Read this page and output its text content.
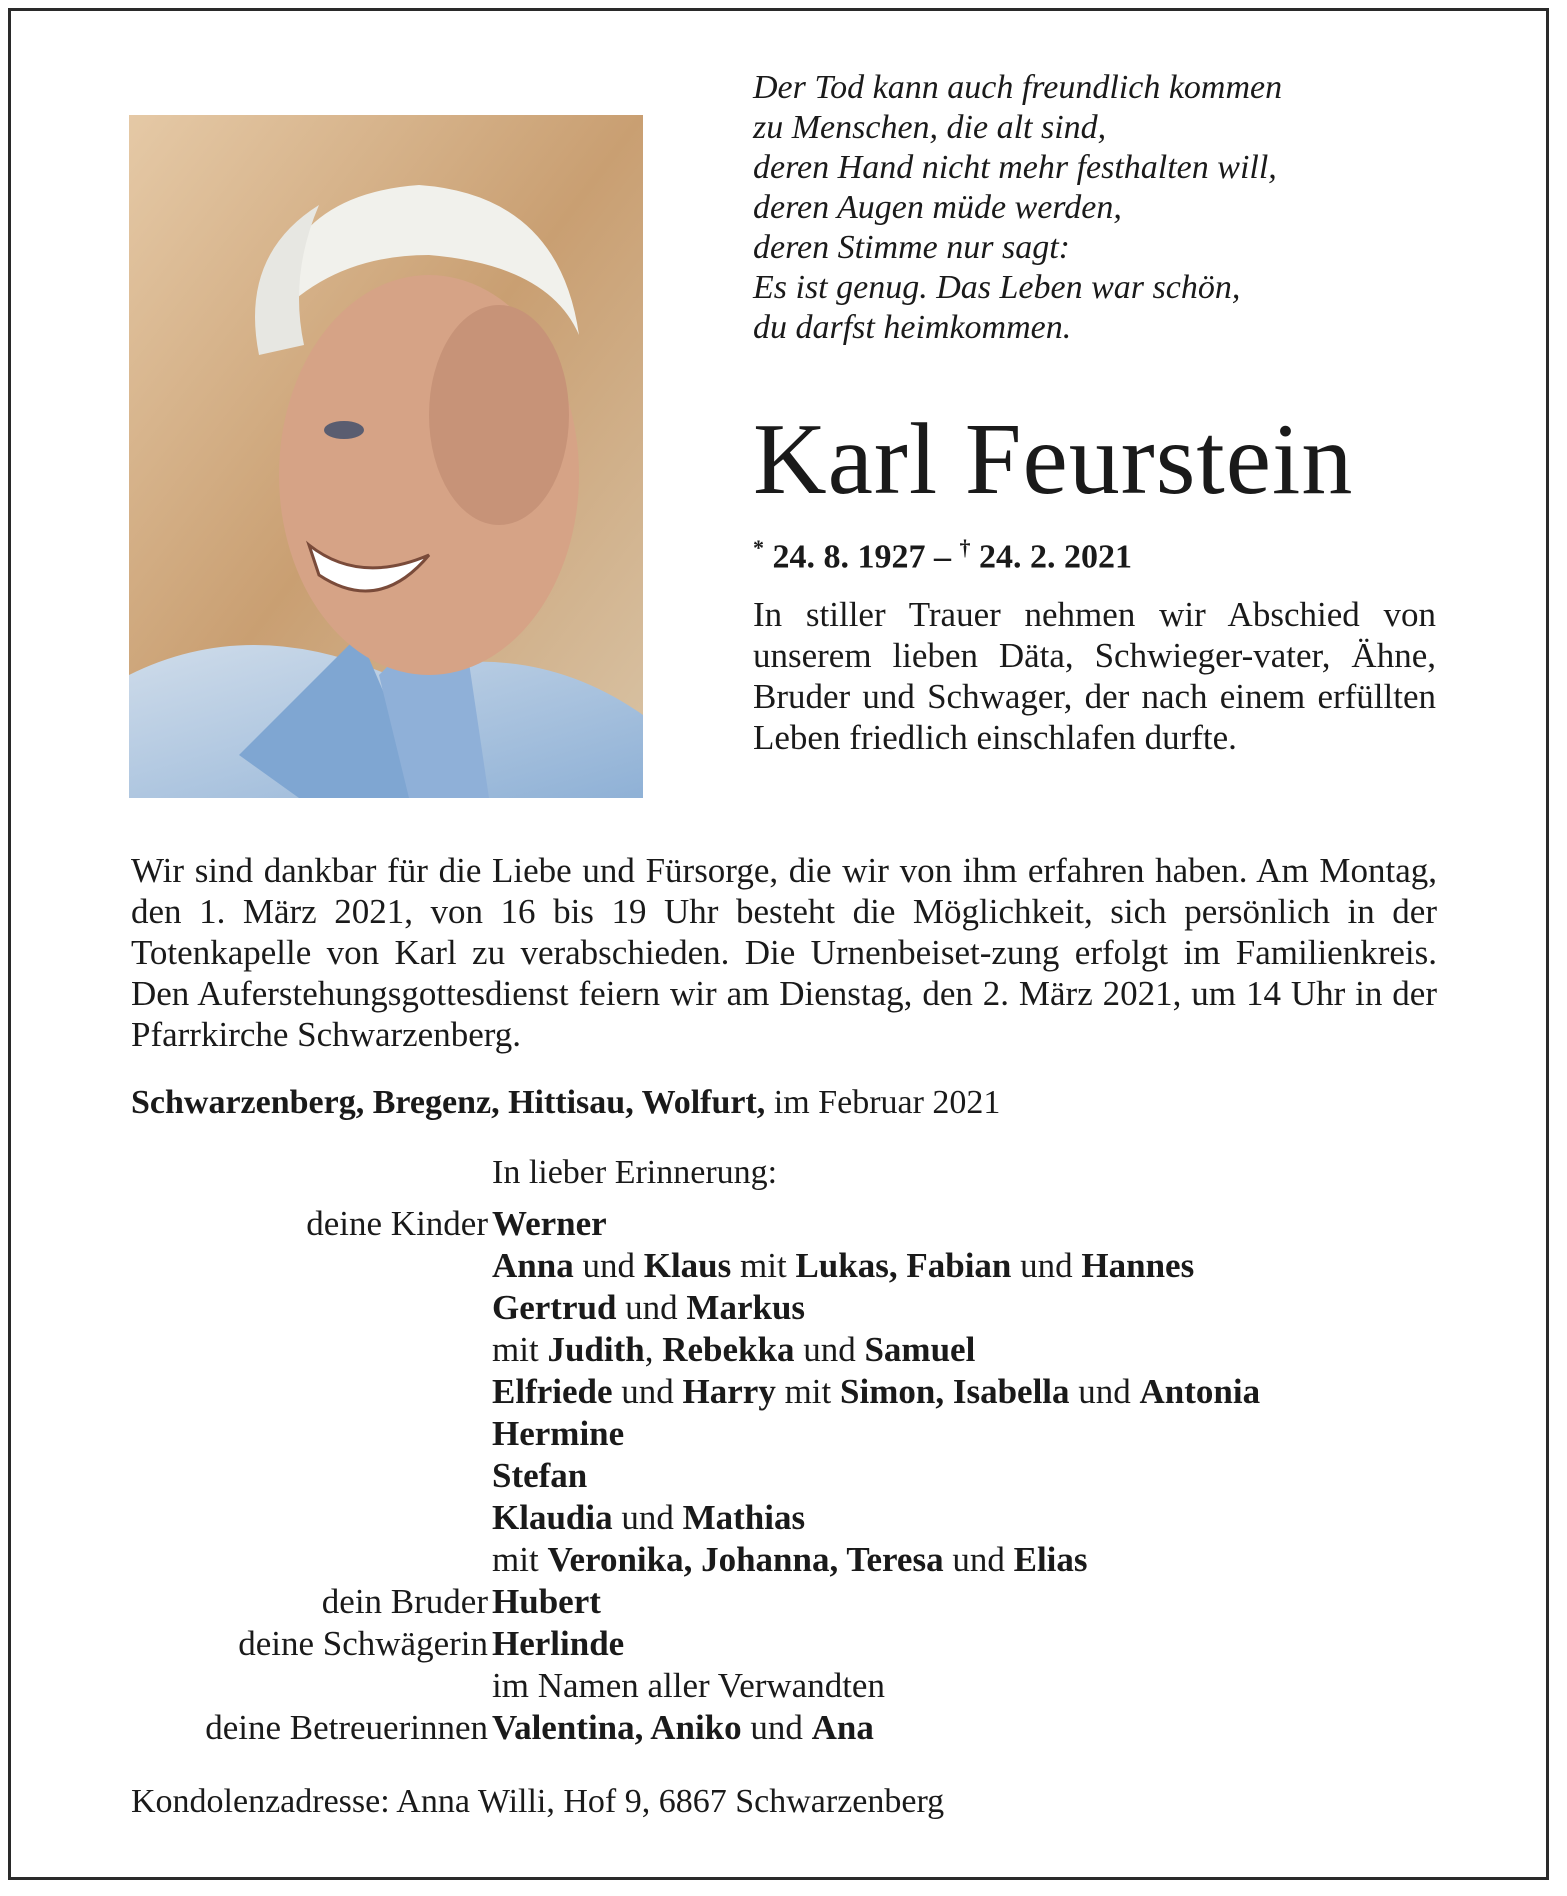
Der Tod kann auch freundlich kommen
zu Menschen, die alt sind,
deren Hand nicht mehr festhalten will,
deren Augen müde werden,
deren Stimme nur sagt:
Es ist genug. Das Leben war schön,
du darfst heimkommen.
Karl Feurstein
* 24. 8. 1927 – † 24. 2. 2021
In stiller Trauer nehmen wir Abschied von unserem lieben Däta, Schwieger-vater, Ähne, Bruder und Schwager, der nach einem erfüllten Leben friedlich einschlafen durfte.
Wir sind dankbar für die Liebe und Fürsorge, die wir von ihm erfahren haben. Am Montag, den 1. März 2021, von 16 bis 19 Uhr besteht die Möglichkeit, sich persönlich in der Totenkapelle von Karl zu verabschieden. Die Urnenbeiset-zung erfolgt im Familienkreis. Den Auferstehungsgottesdienst feiern wir am Dienstag, den 2. März 2021, um 14 Uhr in der Pfarrkirche Schwarzenberg.
Schwarzenberg, Bregenz, Hittisau, Wolfurt, im Februar 2021
In lieber Erinnerung:
deine Kinder Werner
Anna und Klaus mit Lukas, Fabian und Hannes
Gertrud und Markus
mit Judith, Rebekka und Samuel
Elfriede und Harry mit Simon, Isabella und Antonia
Hermine
Stefan
Klaudia und Mathias
mit Veronika, Johanna, Teresa und Elias
dein Bruder Hubert
deine Schwägerin Herlinde
im Namen aller Verwandten
deine Betreuerinnen Valentina, Aniko und Ana
Kondolenzadresse: Anna Willi, Hof 9, 6867 Schwarzenberg
